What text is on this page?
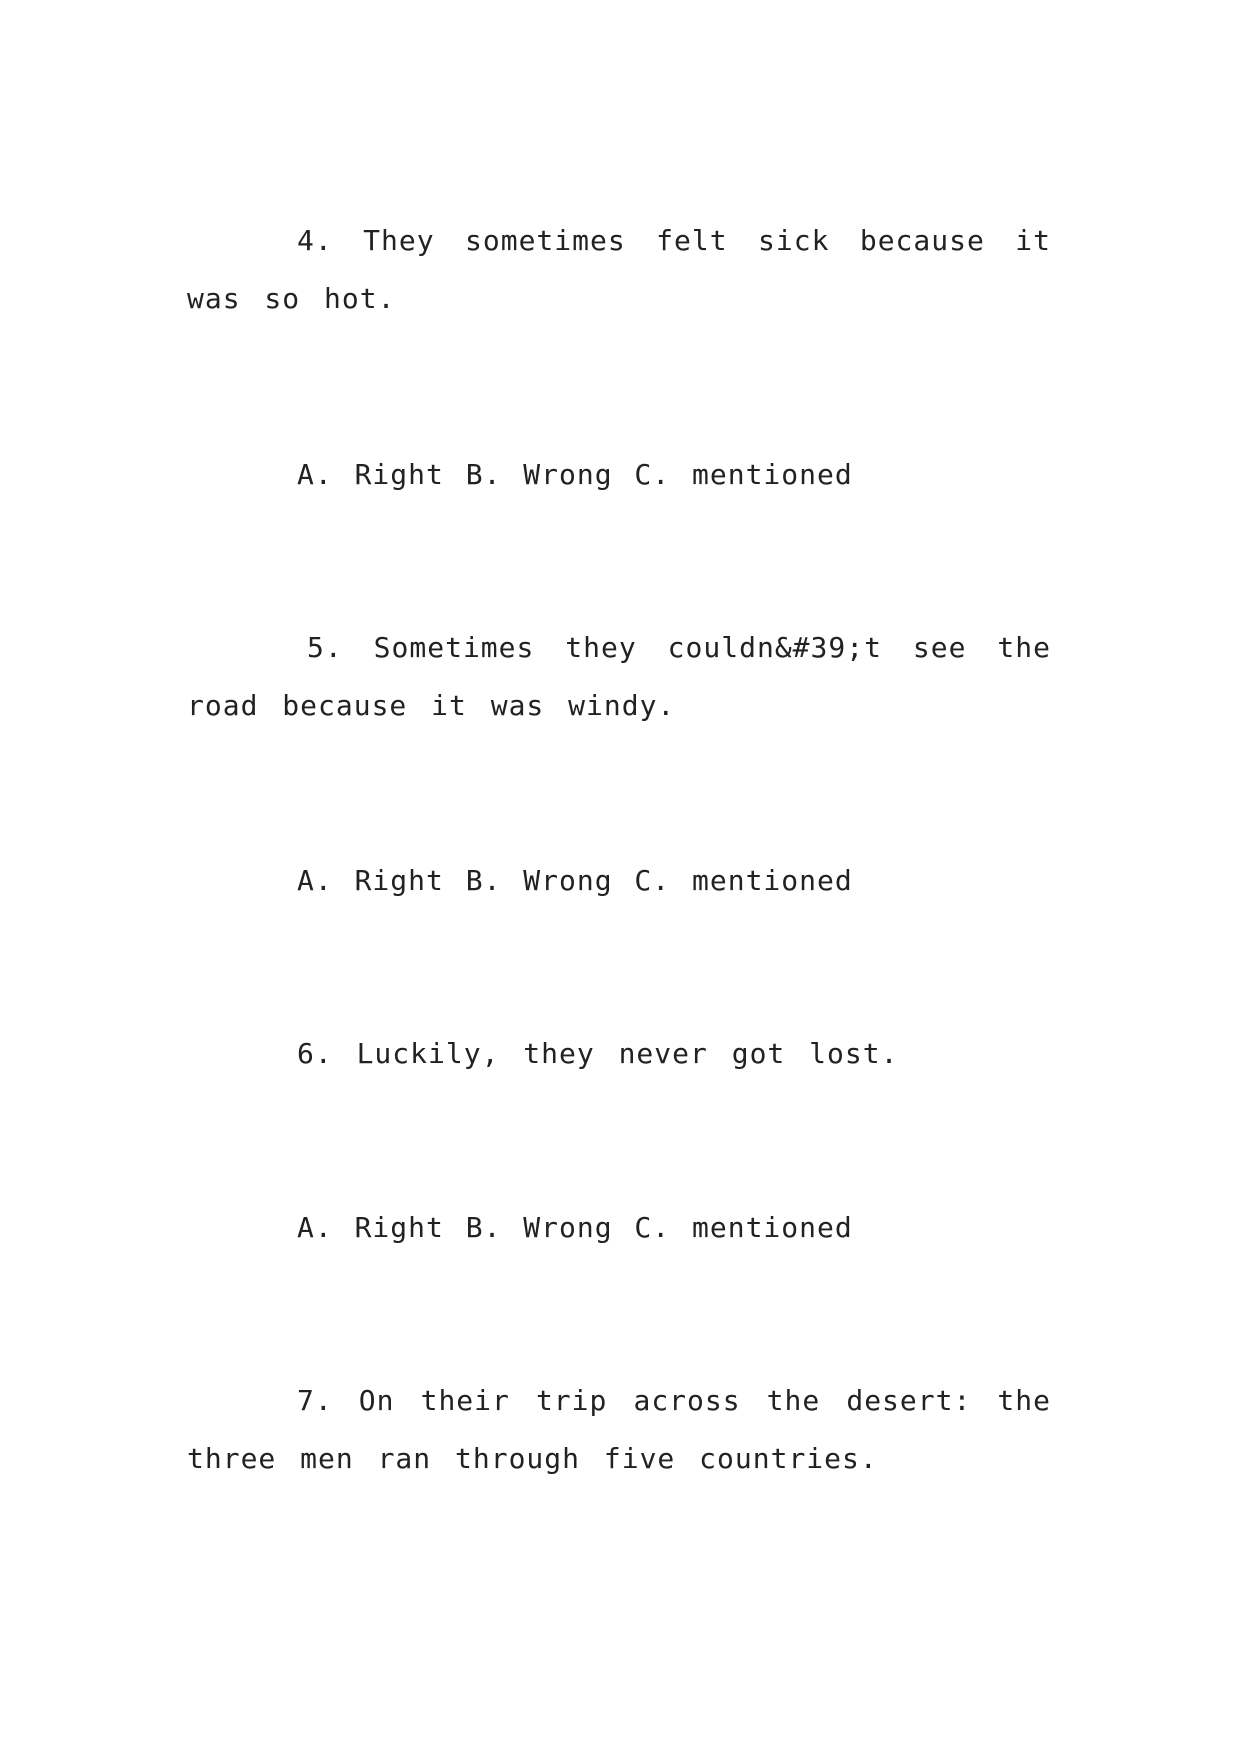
4. They sometimes felt sick because it was so hot.

A. Right B. Wrong C. mentioned

5. Sometimes they couldn&#39;t see the road because it was windy.

A. Right B. Wrong C. mentioned

6. Luckily, they never got lost.

A. Right B. Wrong C. mentioned

7. On their trip across the desert: the three men ran through five countries.
